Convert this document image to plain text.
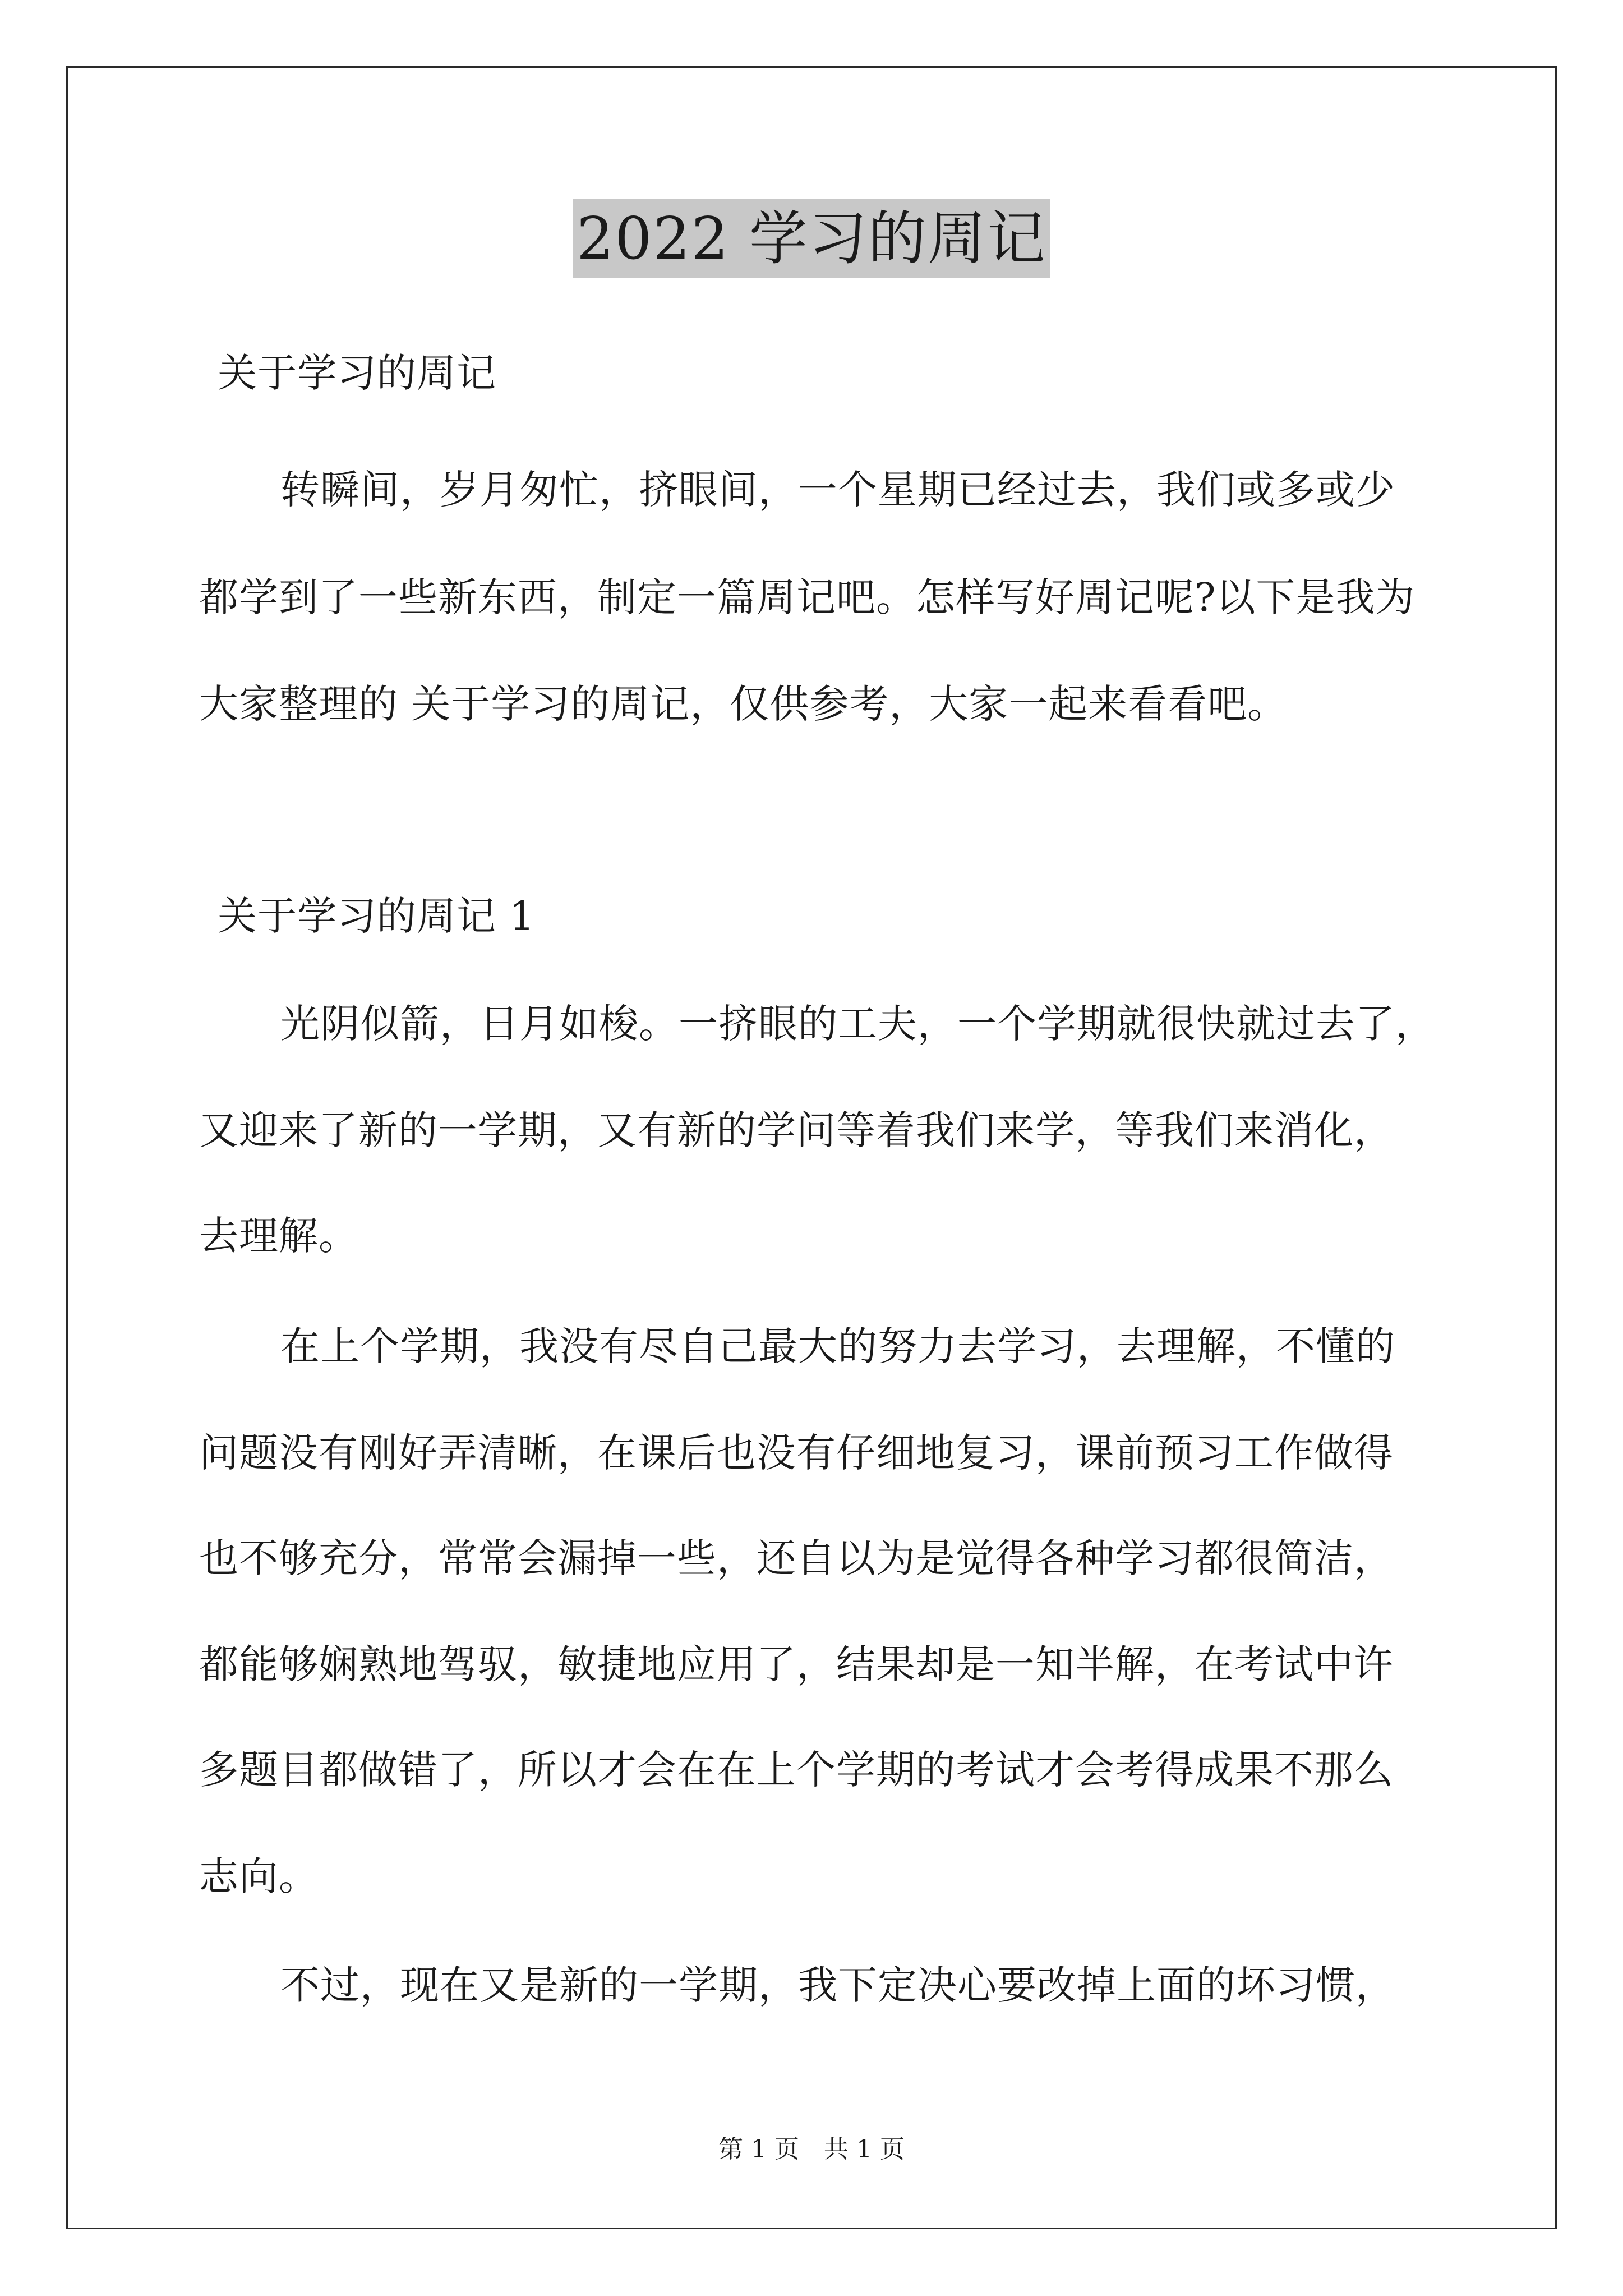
2022 学习的周记
关于学习的周记
转瞬间，岁月匆忙，挤眼间，一个星期已经过去，我们或多或少
都学到了一些新东西，制定一篇周记吧。怎样写好周记呢?以下是我为
大家整理的 关于学习的周记，仅供参考，大家一起来看看吧。
关于学习的周记 1
光阴似箭，日月如梭。一挤眼的工夫，一个学期就很快就过去了，
又迎来了新的一学期，又有新的学问等着我们来学，等我们来消化，
去理解。
在上个学期，我没有尽自己最大的努力去学习，去理解，不懂的
问题没有刚好弄清晰，在课后也没有仔细地复习，课前预习工作做得
也不够充分，常常会漏掉一些，还自以为是觉得各种学习都很简洁，
都能够娴熟地驾驭，敏捷地应用了，结果却是一知半解，在考试中许
多题目都做错了，所以才会在在上个学期的考试才会考得成果不那么
志向。
不过，现在又是新的一学期，我下定决心要改掉上面的坏习惯，
第 1 页　共 1 页
